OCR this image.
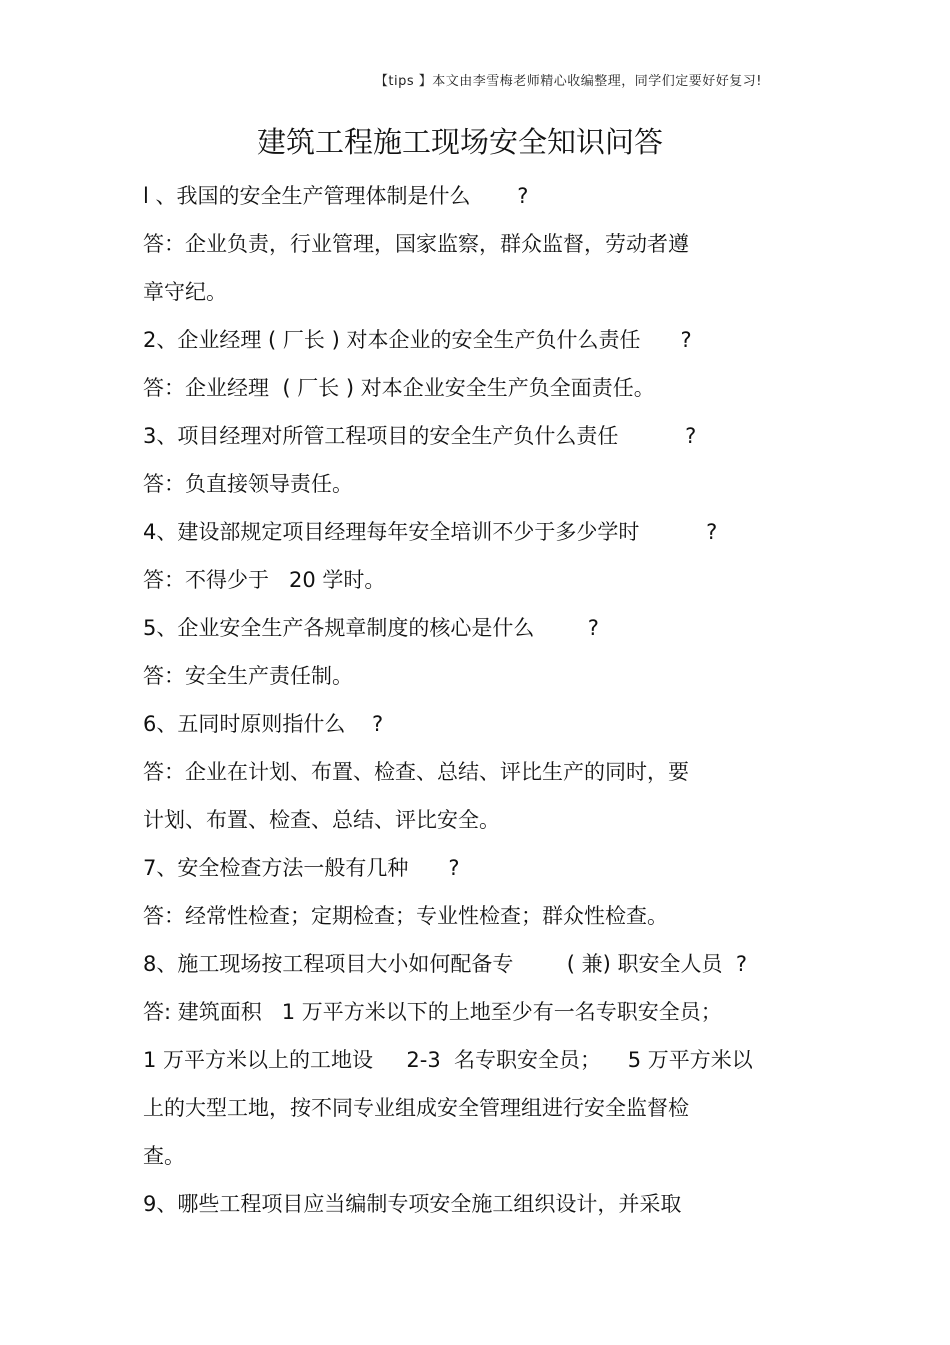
【tips 】本文由李雪梅老师精心收编整理，同学们定要好好复习!
建筑工程施工现场安全知识问答
l 、我国的安全生产管理体制是什么       ?
答：企业负责，行业管理，国家监察，群众监督，劳动者遵
章守纪。
2、企业经理 ( 厂长 ) 对本企业的安全生产负什么责任      ?
答：企业经理  ( 厂长 ) 对本企业安全生产负全面责任。
3、项目经理对所管工程项目的安全生产负什么责任          ?
答：负直接领导责任。
4、建设部规定项目经理每年安全培训不少于多少学时          ?
答：不得少于   20 学时。
5、企业安全生产各规章制度的核心是什么        ?
答：安全生产责任制。
6、五同时原则指什么    ?
答：企业在计划、布置、检查、总结、评比生产的同时，要
计划、布置、检查、总结、评比安全。
7、安全检查方法一般有几种      ?
答：经常性检查；定期检查；专业性检查；群众性检查。
8、施工现场按工程项目大小如何配备专        ( 兼) 职安全人员  ?
答: 建筑面积   1 万平方米以下的上地至少有一名专职安全员；
1 万平方米以上的工地设     2-3  名专职安全员；    5 万平方米以
上的大型工地，按不同专业组成安全管理组进行安全监督检
查。
9、哪些工程项目应当编制专项安全施工组织设计，并采取
